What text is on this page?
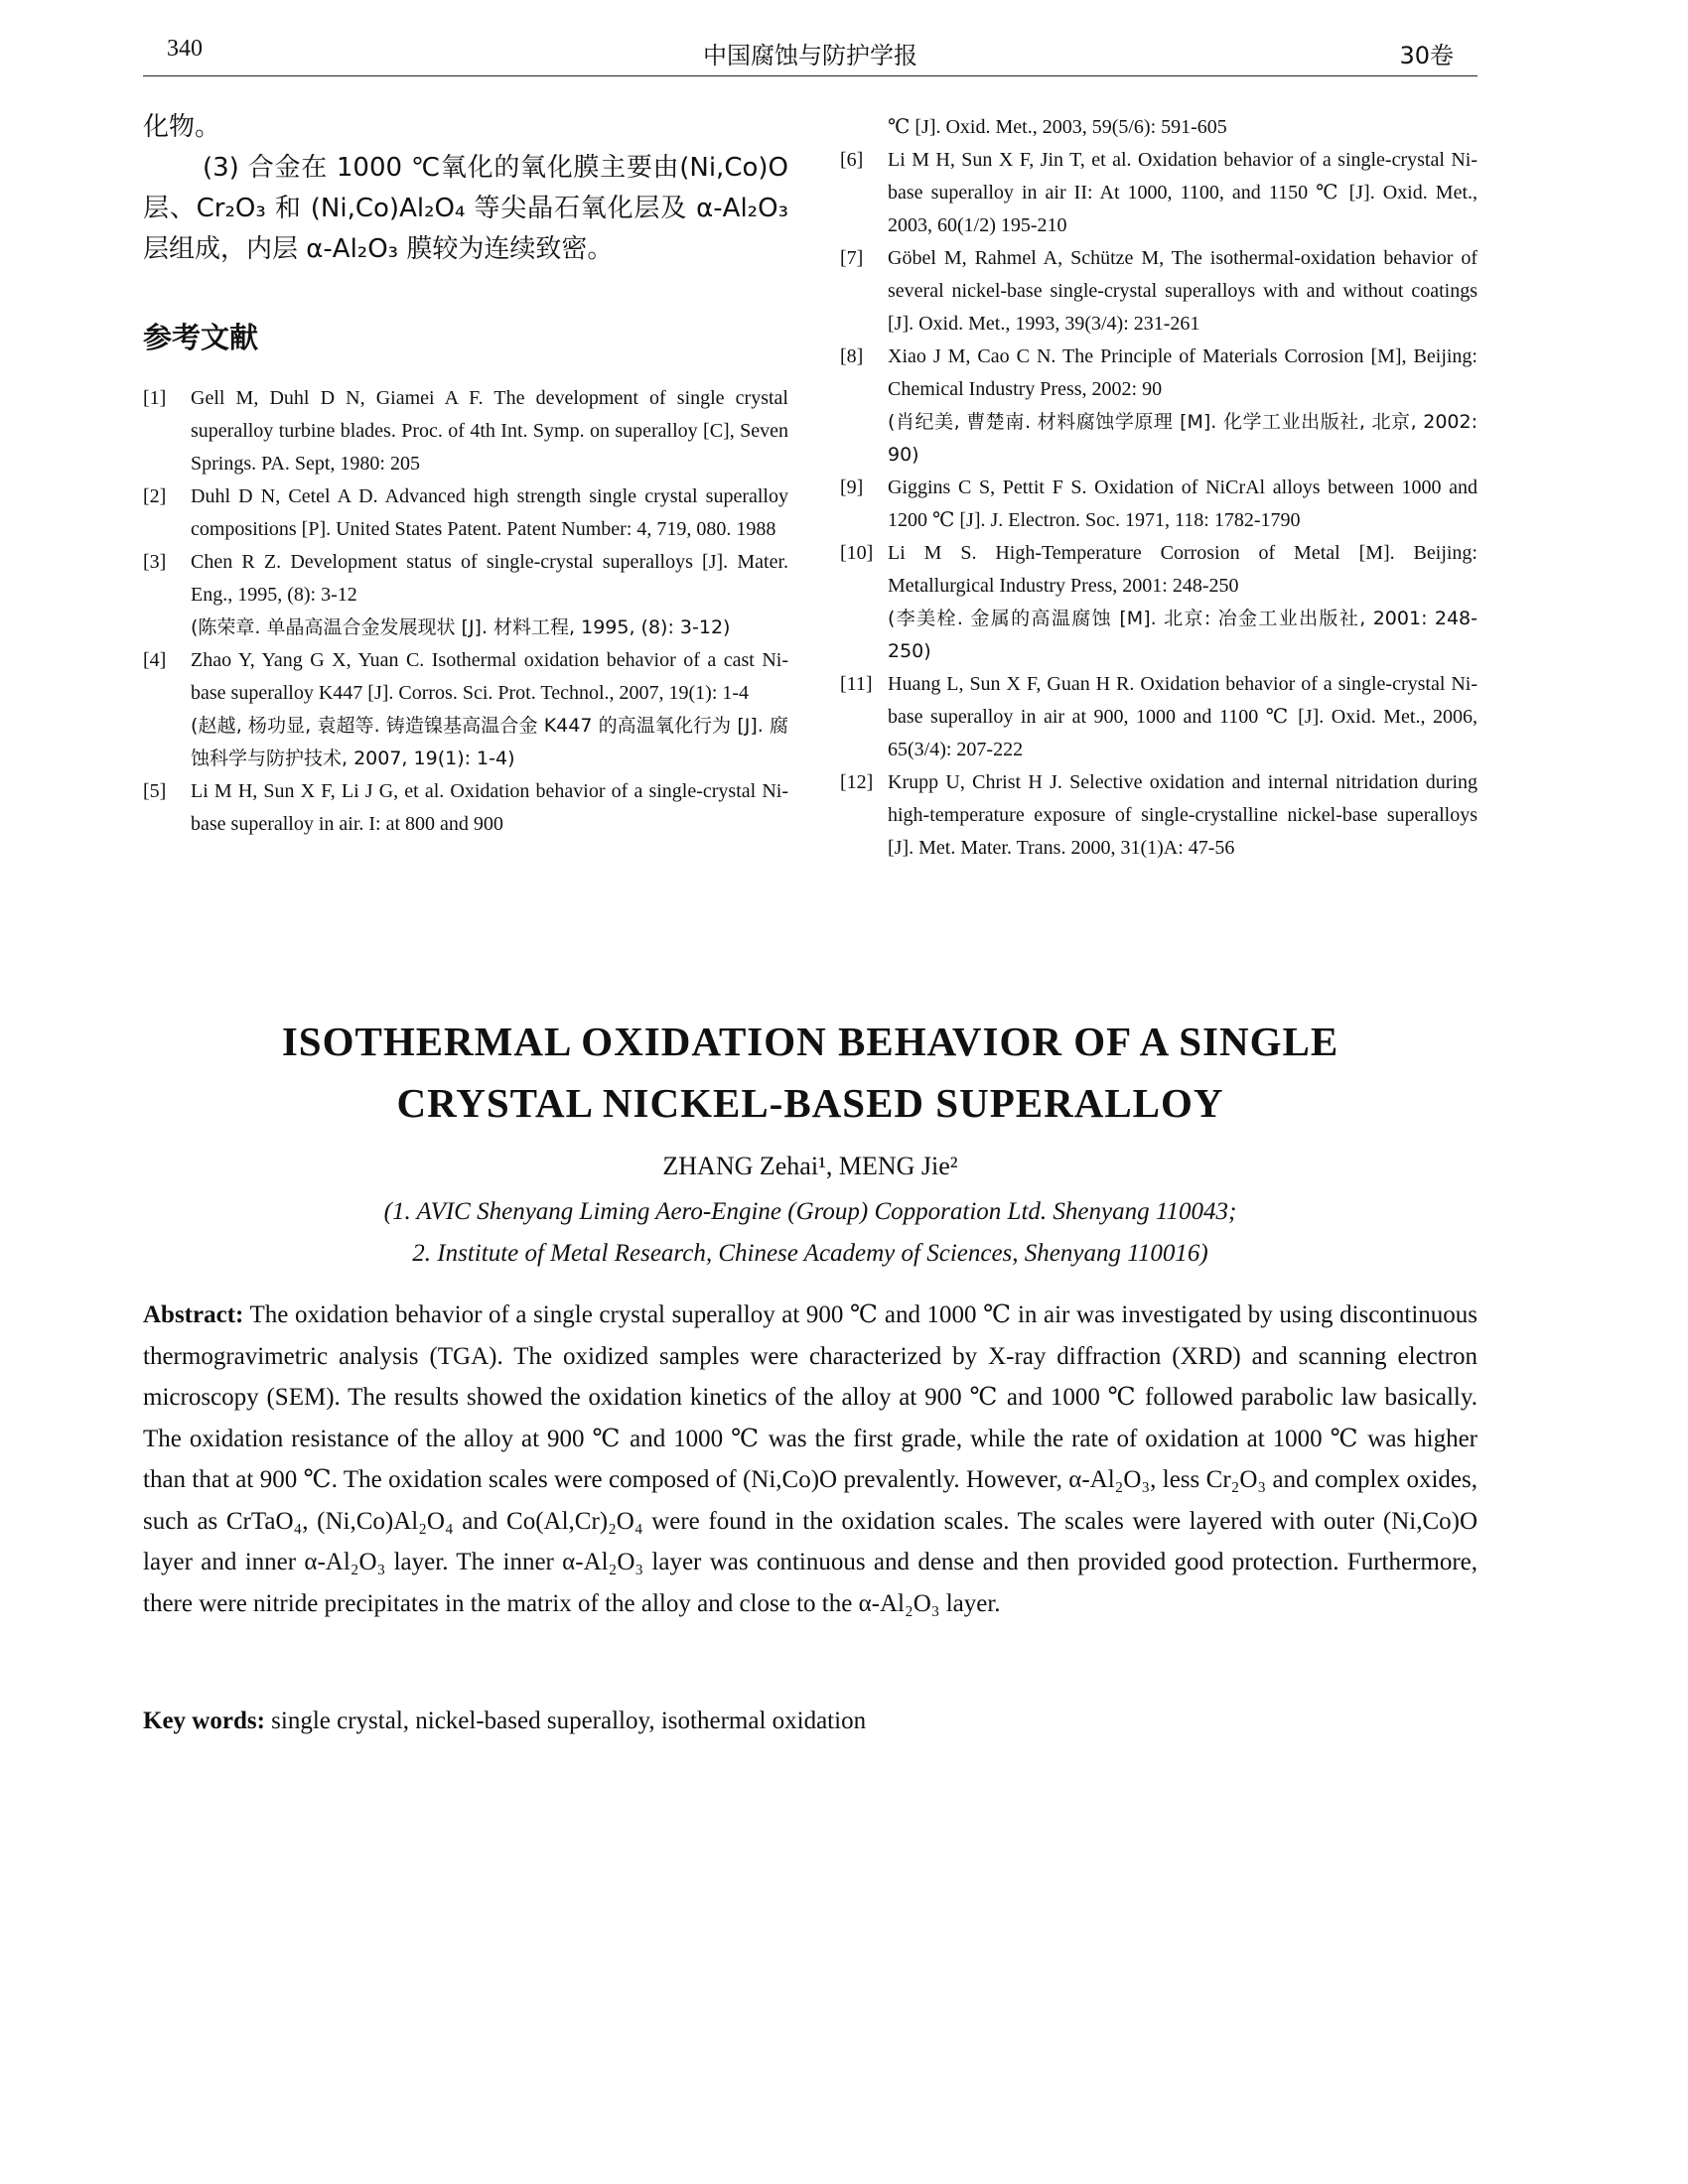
340	中国腐蚀与防护学报	30卷

化物。

(3) 合金在 1000 ℃氧化的氧化膜主要由(Ni,Co)O 层、Cr₂O₃ 和 (Ni,Co)Al₂O₄ 等尖晶石氧化层及 α-Al₂O₃ 层组成，内层 α-Al₂O₃ 膜较为连续致密。

参考文献
[1]	Gell M, Duhl D N, Giamei A F. The development of single crystal superalloy turbine blades. Proc. of 4th Int. Symp. on superalloy [C], Seven Springs. PA. Sept, 1980: 205
[2]	Duhl D N, Cetel A D. Advanced high strength single crystal superalloy compositions [P]. United States Patent. Patent Number: 4, 719, 080. 1988
[3]	Chen R Z. Development status of single-crystal superalloys [J]. Mater. Eng., 1995, (8): 3-12
(陈荣章. 单晶高温合金发展现状 [J]. 材料工程, 1995, (8): 3-12)
[4]	Zhao Y, Yang G X, Yuan C. Isothermal oxidation behavior of a cast Ni-base superalloy K447 [J]. Corros. Sci. Prot. Technol., 2007, 19(1): 1-4
(赵越, 杨功显, 袁超等. 铸造镍基高温合金 K447 的高温氧化行为 [J]. 腐蚀科学与防护技术, 2007, 19(1): 1-4)
[5]	Li M H, Sun X F, Li J G, et al. Oxidation behavior of a single-crystal Ni-base superalloy in air. I: at 800 and 900
℃ [J]. Oxid. Met., 2003, 59(5/6): 591-605
[6]	Li M H, Sun X F, Jin T, et al. Oxidation behavior of a single-crystal Ni-base superalloy in air II: At 1000, 1100, and 1150 ℃ [J]. Oxid. Met., 2003, 60(1/2) 195-210
[7]	Göbel M, Rahmel A, Schütze M, The isothermal-oxidation behavior of several nickel-base single-crystal superalloys with and without coatings [J]. Oxid. Met., 1993, 39(3/4): 231-261
[8]	Xiao J M, Cao C N. The Principle of Materials Corrosion [M], Beijing: Chemical Industry Press, 2002: 90
(肖纪美, 曹楚南. 材料腐蚀学原理 [M]. 化学工业出版社, 北京, 2002: 90)
[9]	Giggins C S, Pettit F S. Oxidation of NiCrAl alloys between 1000 and 1200 ℃ [J]. J. Electron. Soc. 1971, 118: 1782-1790
[10] Li M S. High-Temperature Corrosion of Metal [M]. Beijing: Metallurgical Industry Press, 2001: 248-250
(李美栓. 金属的高温腐蚀 [M]. 北京: 冶金工业出版社, 2001: 248-250)
[11] Huang L, Sun X F, Guan H R. Oxidation behavior of a single-crystal Ni-base superalloy in air at 900, 1000 and 1100 ℃ [J]. Oxid. Met., 2006, 65(3/4): 207-222
[12] Krupp U, Christ H J. Selective oxidation and internal nitridation during high-temperature exposure of single-crystalline nickel-base superalloys [J]. Met. Mater. Trans. 2000, 31(1)A: 47-56
ISOTHERMAL OXIDATION BEHAVIOR OF A SINGLE
CRYSTAL NICKEL-BASED SUPERALLOY
ZHANG Zehai¹, MENG Jie²
(1. AVIC Shenyang Liming Aero-Engine (Group) Copporation Ltd. Shenyang 110043;
2. Institute of Metal Research, Chinese Academy of Sciences, Shenyang 110016)
Abstract: The oxidation behavior of a single crystal superalloy at 900 ℃ and 1000 ℃ in air was investigated by using discontinuous thermogravimetric analysis (TGA). The oxidized samples were characterized by X-ray diffraction (XRD) and scanning electron microscopy (SEM). The results showed the oxidation kinetics of the alloy at 900 ℃ and 1000 ℃ followed parabolic law basically. The oxidation resistance of the alloy at 900 ℃ and 1000 ℃ was the first grade, while the rate of oxidation at 1000 ℃ was higher than that at 900 ℃. The oxidation scales were composed of (Ni,Co)O prevalently. However, α-Al₂O₃, less Cr₂O₃ and complex oxides, such as CrTaO₄, (Ni,Co)Al₂O₄ and Co(Al,Cr)₂O₄ were found in the oxidation scales. The scales were layered with outer (Ni,Co)O layer and inner α-Al₂O₃ layer. The inner α-Al₂O₃ layer was continuous and dense and then provided good protection. Furthermore, there were nitride precipitates in the matrix of the alloy and close to the α-Al₂O₃ layer.
Key words: single crystal, nickel-based superalloy, isothermal oxidation
